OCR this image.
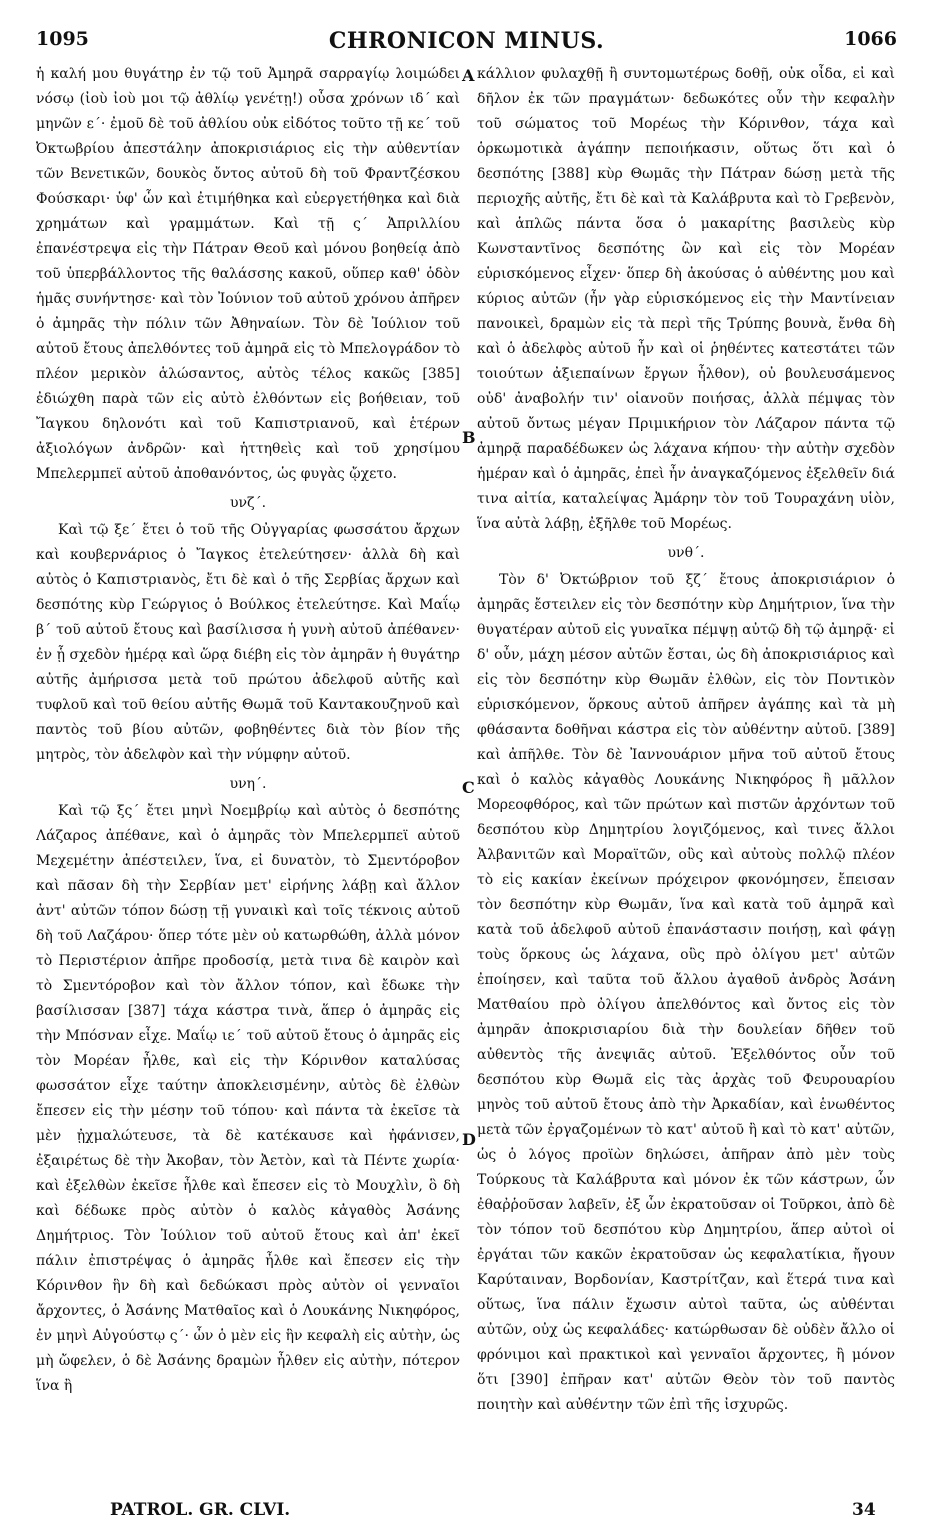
1095	CHRONICON MINUS.	1066

ἡ καλή μου θυγάτηρ ἐν τῷ τοῦ Ἀμηρᾶ σαρραγίῳ λοιμώδει νόσῳ (ἰοὺ ἰοὺ μοι τῷ ἀθλίῳ γενέτῃ!) οὖσα χρόνων ιδ΄ καὶ μηνῶν ε΄· ἐμοῦ δὲ τοῦ ἀθλίου οὐκ εἰδότος τοῦτο τῇ κε΄ τοῦ Ὀκτωβρίου ἀπεστάλην ἀποκρισιάριος εἰς τὴν αὐθεντίαν τῶν Βενετικῶν, δουκὸς ὄντος αὐτοῦ δὴ τοῦ Φραντζέσκου Φούσκαρι· ὑφ' ὧν καὶ ἐτιμήθηκα καὶ εὐεργετήθηκα καὶ διὰ χρημάτων καὶ γραμμάτων. Καὶ τῇ ς΄ Ἀπριλλίου ἐπανέστρεψα εἰς τὴν Πάτραν Θεοῦ καὶ μόνου βοηθείᾳ ἀπὸ τοῦ ὑπερβάλλοντος τῆς θαλάσσης κακοῦ, οὕπερ καθ' ὁδὸν ἡμᾶς συνήντησε· καὶ τὸν Ἰούνιον τοῦ αὐτοῦ χρόνου ἀπῆρεν ὁ ἀμηρᾶς τὴν πόλιν τῶν Ἀθηναίων. Τὸν δὲ Ἰούλιον τοῦ αὐτοῦ ἔτους ἀπελθόντες τοῦ ἀμηρᾶ εἰς τὸ Μπελογράδον τὸ πλέον μερικὸν ἁλώσαντος, αὐτὸς τέλος κακῶς [385] ἐδιώχθη παρὰ τῶν εἰς αὐτὸ ἐλθόντων εἰς βοήθειαν, τοῦ Ἴαγκου δηλονότι καὶ τοῦ Καπιστριανοῦ, καὶ ἑτέρων ἀξιολόγων ἀνδρῶν· καὶ ἡττηθεὶς καὶ τοῦ χρησίμου Μπελερμπεϊ αὐτοῦ ἀποθανόντος, ὡς φυγὰς ᾤχετο.

υνζ΄.

Καὶ τῷ ξε΄ ἔτει ὁ τοῦ τῆς Οὐγγαρίας φωσσάτου ἄρχων καὶ κουβερνάριος ὁ Ἴαγκος ἐτελεύτησεν· ἀλλὰ δὴ καὶ αὐτὸς ὁ Καπιστριανὸς, ἔτι δὲ καὶ ὁ τῆς Σερβίας ἄρχων καὶ δεσπότης κὺρ Γεώργιος ὁ Βούλκος ἐτελεύτησε. Καὶ Μαΐῳ β΄ τοῦ αὐτοῦ ἔτους καὶ βασίλισσα ἡ γυνὴ αὐτοῦ ἀπέθανεν· ἐν ᾗ σχεδὸν ἡμέρᾳ καὶ ὥρᾳ διέβη εἰς τὸν ἀμηρᾶν ἡ θυγάτηρ αὐτῆς ἀμήρισσα μετὰ τοῦ πρώτου ἀδελφοῦ αὐτῆς καὶ τυφλοῦ καὶ τοῦ θείου αὐτῆς Θωμᾶ τοῦ Καντακουζηνοῦ καὶ παντὸς τοῦ βίου αὐτῶν, φοβηθέντες διὰ τὸν βίον τῆς μητρὸς, τὸν ἀδελφὸν καὶ τὴν νύμφην αὐτοῦ.

υνη΄.

Καὶ τῷ ξς΄ ἔτει μηνὶ Νοεμβρίῳ καὶ αὐτὸς ὁ δεσπότης Λάζαρος ἀπέθανε, καὶ ὁ ἀμηρᾶς τὸν Μπελερμπεϊ αὐτοῦ Μεχεμέτην ἀπέστειλεν, ἵνα, εἰ δυνατὸν, τὸ Σμεντόροβον καὶ πᾶσαν δὴ τὴν Σερβίαν μετ' εἰρήνης λάβῃ καὶ ἄλλον ἀντ' αὐτῶν τόπον δώσῃ τῇ γυναικὶ καὶ τοῖς τέκνοις αὐτοῦ δὴ τοῦ Λαζάρου· ὅπερ τότε μὲν οὐ κατωρθώθη, ἀλλὰ μόνον τὸ Περιστέριον ἀπῆρε προδοσίᾳ, μετὰ τινα δὲ καιρὸν καὶ τὸ Σμεντόροβον καὶ τὸν ἄλλον τόπον, καὶ ἔδωκε τὴν βασίλισσαν [387] τάχα κάστρα τινὰ, ἅπερ ὁ ἀμηρᾶς εἰς τὴν Μπόσναν εἶχε. Μαΐῳ ιε΄ τοῦ αὐτοῦ ἔτους ὁ ἀμηρᾶς εἰς τὸν Μορέαν ἦλθε, καὶ εἰς τὴν Κόρινθον καταλύσας φωσσάτον εἶχε ταύτην ἀποκλεισμένην, αὐτὸς δὲ ἐλθὼν ἔπεσεν εἰς τὴν μέσην τοῦ τόπου· καὶ πάντα τὰ ἐκεῖσε τὰ μὲν ᾐχμαλώτευσε, τὰ δὲ κατέκαυσε καὶ ἠφάνισεν, ἐξαιρέτως δὲ τὴν Ἀκοβαν, τὸν Ἀετὸν, καὶ τὰ Πέντε χωρία· καὶ ἐξελθὼν ἐκεῖσε ἦλθε καὶ ἔπεσεν εἰς τὸ Μουχλὶν, ὃ δὴ καὶ δέδωκε πρὸς αὐτὸν ὁ καλὸς κἀγαθὸς Ἀσάνης Δημήτριος. Τὸν Ἰούλιον τοῦ αὐτοῦ ἔτους καὶ ἀπ' ἐκεῖ πάλιν ἐπιστρέψας ὁ ἀμηρᾶς ἦλθε καὶ ἔπεσεν εἰς τὴν Κόρινθον ἣν δὴ καὶ δεδώκασι πρὸς αὐτὸν οἱ γενναῖοι ἄρχοντες, ὁ Ἀσάνης Ματθαῖος καὶ ὁ Λουκάνης Νικηφόρος, ἐν μηνὶ Αὐγούστῳ ς΄· ὧν ὁ μὲν εἰς ἣν κεφαλὴ εἰς αὐτὴν, ὡς μὴ ὤφελεν, ὁ δὲ Ἀσάνης δραμὼν ἦλθεν εἰς αὐτὴν, πότερον ἵνα ἢ

κάλλιον φυλαχθῇ ἢ συντομωτέρως δοθῇ, οὐκ οἶδα, εἰ καὶ δῆλον ἐκ τῶν πραγμάτων· δεδωκότες οὖν τὴν κεφαλὴν τοῦ σώματος τοῦ Μορέως τὴν Κόρινθον, τάχα καὶ ὁρκωμοτικὰ ἀγάπην πεποιήκασιν, οὕτως ὅτι καὶ ὁ δεσπότης [388] κὺρ Θωμᾶς τὴν Πάτραν δώσῃ μετὰ τῆς περιοχῆς αὐτῆς, ἔτι δὲ καὶ τὰ Καλάβρυτα καὶ τὸ Γρεβενὸν, καὶ ἁπλῶς πάντα ὅσα ὁ μακαρίτης βασιλεὺς κὺρ Κωνσταντῖνος δεσπότης ὢν καὶ εἰς τὸν Μορέαν εὑρισκόμενος εἶχεν· ὅπερ δὴ ἀκούσας ὁ αὐθέντης μου καὶ κύριος αὐτῶν (ἦν γὰρ εὑρισκόμενος εἰς τὴν Μαντίνειαν πανοικεὶ, δραμὼν εἰς τὰ περὶ τῆς Τρύπης βουνὰ, ἔνθα δὴ καὶ ὁ ἀδελφὸς αὐτοῦ ἦν καὶ οἱ ῥηθέντες κατεστάτει τῶν τοιούτων ἀξιεπαίνων ἔργων ἦλθον), οὐ βουλευσάμενος οὐδ' ἀναβολήν τιν' οἱανοῦν ποιήσας, ἀλλὰ πέμψας τὸν αὐτοῦ ὄντως μέγαν Πριμικήριον τὸν Λάζαρον πάντα τῷ ἀμηρᾷ παραδέδωκεν ὡς λάχανα κήπου· τὴν αὐτὴν σχεδὸν ἡμέραν καὶ ὁ ἀμηρᾶς, ἐπεὶ ἦν ἀναγκαζόμενος ἐξελθεῖν διά τινα αἰτία, καταλείψας Ἀμάρην τὸν τοῦ Τουραχάνη υἱὸν, ἵνα αὐτὰ λάβῃ, ἐξῆλθε τοῦ Μορέως.

υνθ΄.

Τὸν δ' Ὀκτώβριον τοῦ ξζ΄ ἔτους ἀποκρισιάριον ὁ ἀμηρᾶς ἔστειλεν εἰς τὸν δεσπότην κὺρ Δημήτριον, ἵνα τὴν θυγατέραν αὐτοῦ εἰς γυναῖκα πέμψῃ αὐτῷ δὴ τῷ ἀμηρᾷ· εἰ δ' οὖν, μάχη μέσον αὐτῶν ἔσται, ὡς δὴ ἀποκρισιάριος καὶ εἰς τὸν δεσπότην κὺρ Θωμᾶν ἐλθὼν, εἰς τὸν Ποντικὸν εὑρισκόμενον, ὅρκους αὐτοῦ ἀπῆρεν ἀγάπης καὶ τὰ μὴ φθάσαντα δοθῆναι κάστρα εἰς τὸν αὐθέντην αὐτοῦ. [389] καὶ ἀπῆλθε. Τὸν δὲ Ἰαννουάριον μῆνα τοῦ αὐτοῦ ἔτους καὶ ὁ καλὸς κἀγαθὸς Λουκάνης Νικηφόρος ἢ μᾶλλον Μορεοφθόρος, καὶ τῶν πρώτων καὶ πιστῶν ἀρχόντων τοῦ δεσπότου κὺρ Δημητρίου λογιζόμενος, καὶ τινες ἄλλοι Ἀλβανιτῶν καὶ Μοραϊτῶν, οὓς καὶ αὐτοὺς πολλῷ πλέον τὸ εἰς κακίαν ἐκείνων πρόχειρον φκονόμησεν, ἔπεισαν τὸν δεσπότην κὺρ Θωμᾶν, ἵνα καὶ κατὰ τοῦ ἀμηρᾶ καὶ κατὰ τοῦ ἀδελφοῦ αὐτοῦ ἐπανάστασιν ποιήσῃ, καὶ φάγῃ τοὺς ὅρκους ὡς λάχανα, οὓς πρὸ ὀλίγου μετ' αὐτῶν ἐποίησεν, καὶ ταῦτα τοῦ ἄλλου ἀγαθοῦ ἀνδρὸς Ἀσάνη Ματθαίου πρὸ ὀλίγου ἀπελθόντος καὶ ὄντος εἰς τὸν ἀμηρᾶν ἀποκρισιαρίου διὰ τὴν δουλείαν δῆθεν τοῦ αὐθεντὸς τῆς ἀνεψιᾶς αὐτοῦ. Ἐξελθόντος οὖν τοῦ δεσπότου κὺρ Θωμᾶ εἰς τὰς ἀρχὰς τοῦ Φευρουαρίου μηνὸς τοῦ αὐτοῦ ἔτους ἀπὸ τὴν Ἀρκαδίαν, καὶ ἑνωθέντος μετὰ τῶν ἐργαζομένων τὸ κατ' αὐτοῦ ἢ καὶ τὸ κατ' αὐτῶν, ὡς ὁ λόγος προϊὼν δηλώσει, ἀπῆραν ἀπὸ μὲν τοὺς Τούρκους τὰ Καλάβρυτα καὶ μόνον ἐκ τῶν κάστρων, ὧν ἐθαῤῥοῦσαν λαβεῖν, ἐξ ὧν ἐκρατοῦσαν οἱ Τοῦρκοι, ἀπὸ δὲ τὸν τόπον τοῦ δεσπότου κὺρ Δημητρίου, ἅπερ αὐτοὶ οἱ ἐργάται τῶν κακῶν ἐκρατοῦσαν ὡς κεφαλατίκια, ἤγουν Καρύταιναν, Βορδονίαν, Καστρίτζαν, καὶ ἕτερά τινα καὶ οὕτως, ἵνα πάλιν ἔχωσιν αὐτοὶ ταῦτα, ὡς αὐθένται αὐτῶν, οὐχ ὡς κεφαλάδες· κατώρθωσαν δὲ οὐδὲν ἄλλο οἱ φρόνιμοι καὶ πρακτικοὶ καὶ γενναῖοι ἄρχοντες, ἢ μόνον ὅτι [390] ἐπῆραν κατ' αὐτῶν Θεὸν τὸν τοῦ παντὸς ποιητὴν καὶ αὐθέντην τῶν ἐπὶ τῆς ἰσχυρῶς.

A
B
C
D
PATROL. GR. CLVI.	34
